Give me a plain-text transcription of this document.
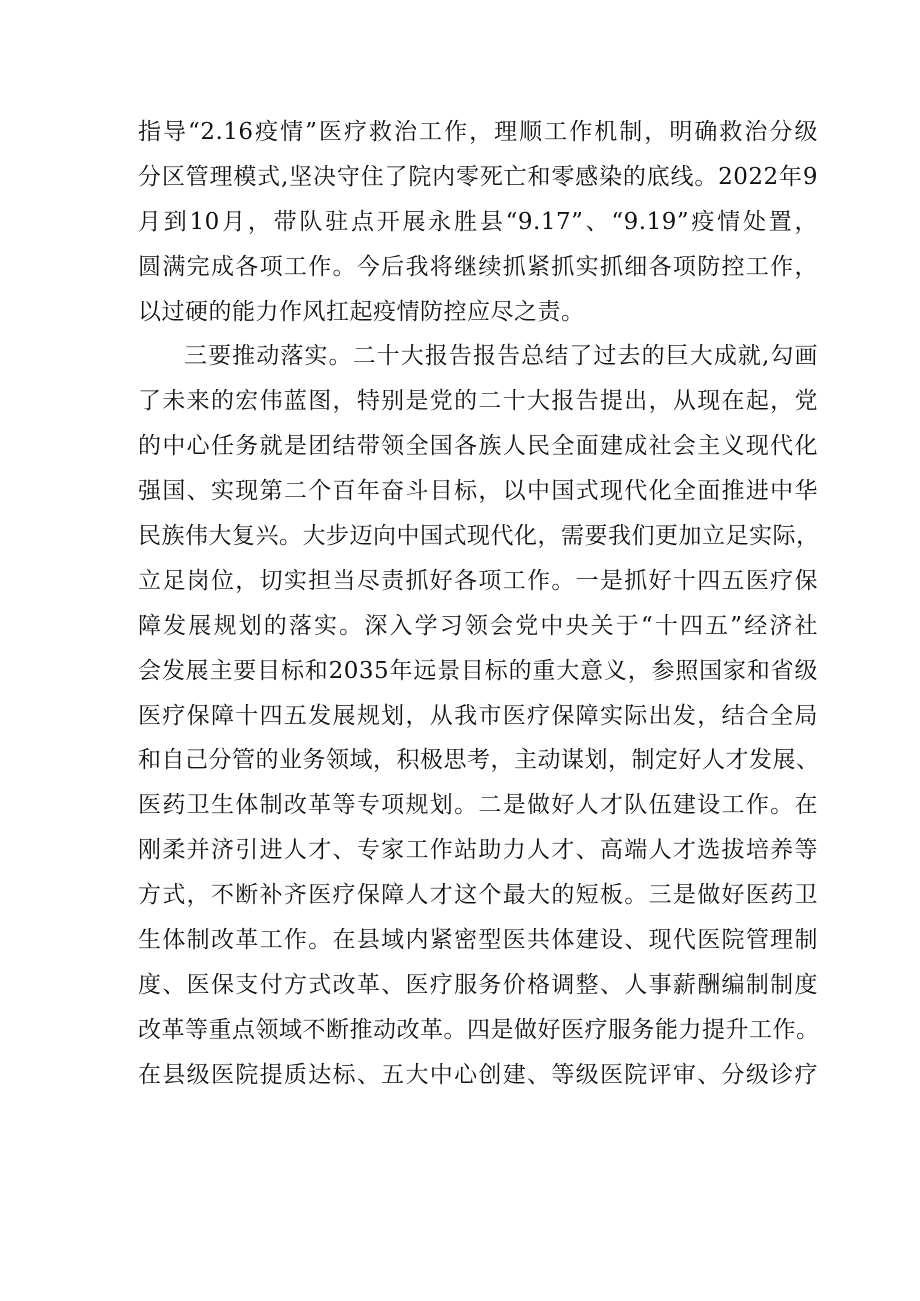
指导“2.16疫情”医疗救治工作，理顺工作机制，明确救治分级
分区管理模式,坚决守住了院内零死亡和零感染的底线。2022年9
月到10月，带队驻点开展永胜县“9.17”、“9.19”疫情处置，
圆满完成各项工作。今后我将继续抓紧抓实抓细各项防控工作，
以过硬的能力作风扛起疫情防控应尽之责。
三要推动落实。二十大报告报告总结了过去的巨大成就,勾画
了未来的宏伟蓝图，特别是党的二十大报告提出，从现在起，党
的中心任务就是团结带领全国各族人民全面建成社会主义现代化
强国、实现第二个百年奋斗目标，以中国式现代化全面推进中华
民族伟大复兴。大步迈向中国式现代化，需要我们更加立足实际，
立足岗位，切实担当尽责抓好各项工作。一是抓好十四五医疗保
障发展规划的落实。深入学习领会党中央关于“十四五”经济社
会发展主要目标和2035年远景目标的重大意义，参照国家和省级
医疗保障十四五发展规划，从我市医疗保障实际出发，结合全局
和自己分管的业务领域，积极思考，主动谋划，制定好人才发展、
医药卫生体制改革等专项规划。二是做好人才队伍建设工作。在
刚柔并济引进人才、专家工作站助力人才、高端人才选拔培养等
方式，不断补齐医疗保障人才这个最大的短板。三是做好医药卫
生体制改革工作。在县域内紧密型医共体建设、现代医院管理制
度、医保支付方式改革、医疗服务价格调整、人事薪酬编制制度
改革等重点领域不断推动改革。四是做好医疗服务能力提升工作。
在县级医院提质达标、五大中心创建、等级医院评审、分级诊疗
